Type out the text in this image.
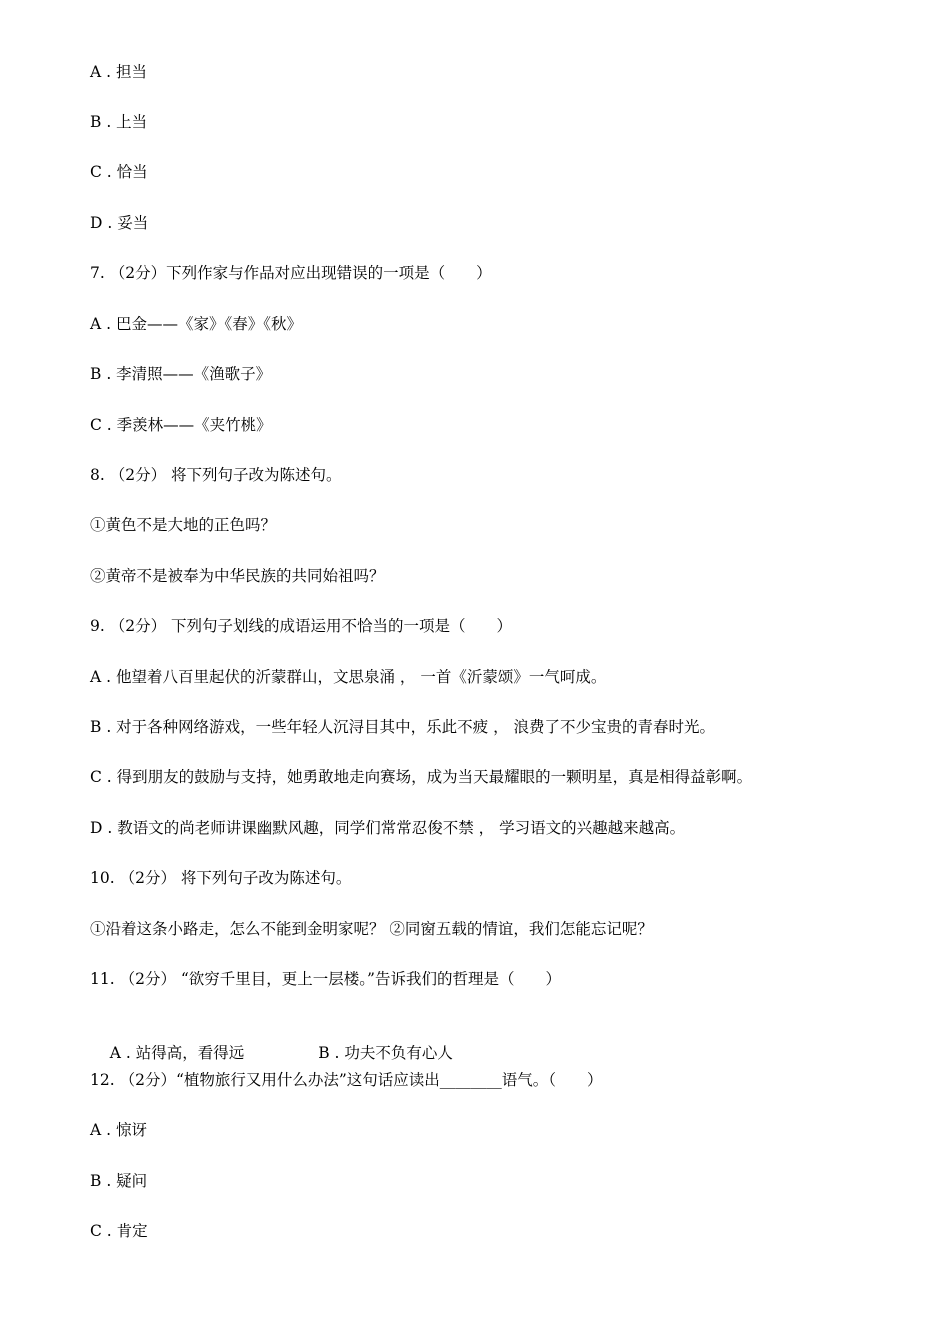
A . 担当
B . 上当
C . 恰当
D . 妥当
7. （2分）下列作家与作品对应出现错误的一项是（　　）
A . 巴金——《家》《春》《秋》
B . 李清照——《渔歌子》
C . 季羡林——《夹竹桃》
8. （2分） 将下列句子改为陈述句。
①黄色不是大地的正色吗？
②黄帝不是被奉为中华民族的共同始祖吗？
9. （2分） 下列句子划线的成语运用不恰当的一项是（　　）
A . 他望着八百里起伏的沂蒙群山，文思泉涌 ， 一首《沂蒙颂》一气呵成。
B . 对于各种网络游戏，一些年轻人沉浔目其中，乐此不疲 ， 浪费了不少宝贵的青春时光。
C . 得到朋友的鼓励与支持，她勇敢地走向赛场，成为当天最耀眼的一颗明星，真是相得益彰啊。
D . 教语文的尚老师讲课幽默风趣，同学们常常忍俊不禁 ， 学习语文的兴趣越来越高。
10. （2分） 将下列句子改为陈述句。
①沿着这条小路走，怎么不能到金明家呢？ ②同窗五载的情谊，我们怎能忘记呢？
11. （2分） “欲穷千里目，更上一层楼。”告诉我们的哲理是（　　）

A . 站得高，看得远	B . 功夫不负有心人

12. （2分）“植物旅行又用什么办法”这句话应读出________语气。（　　）
A . 惊讶
B . 疑问
C . 肯定
